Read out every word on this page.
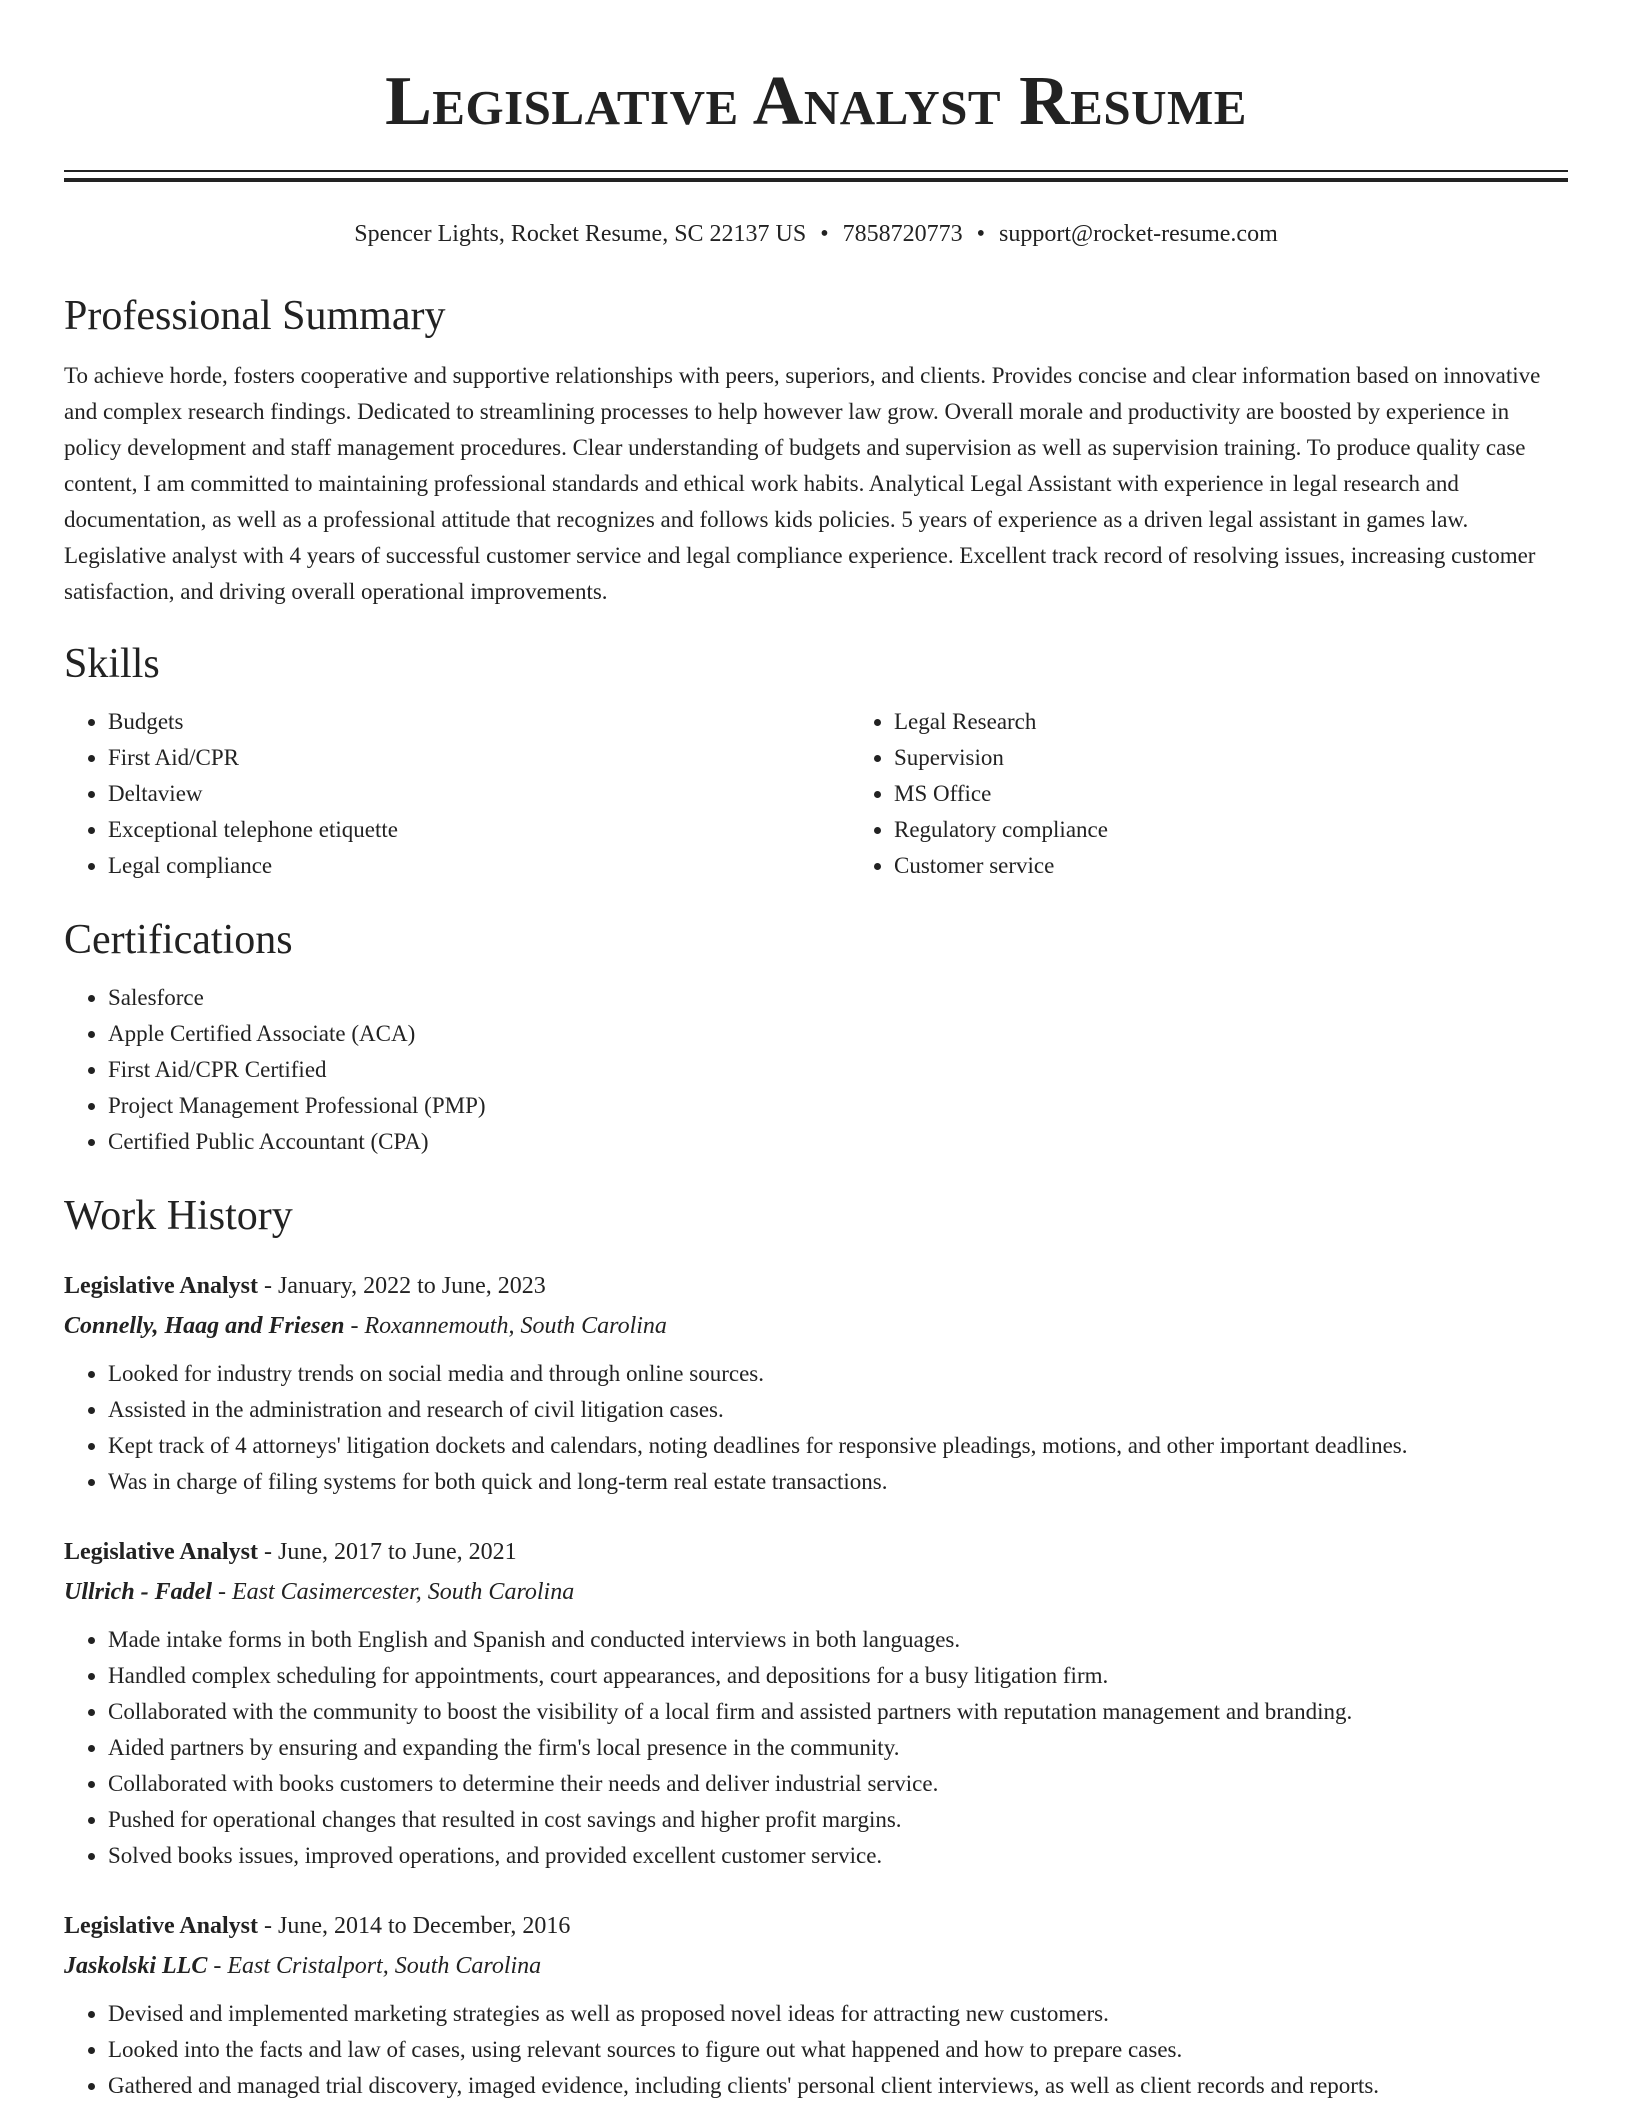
Legislative Analyst Resume
Spencer Lights, Rocket Resume, SC 22137 US • 7858720773 • support@rocket-resume.com
Professional Summary

To achieve horde, fosters cooperative and supportive relationships with peers, superiors, and clients. Provides concise and clear information based on innovative and complex research findings. Dedicated to streamlining processes to help however law grow. Overall morale and productivity are boosted by experience in policy development and staff management procedures. Clear understanding of budgets and supervision as well as supervision training. To produce quality case content, I am committed to maintaining professional standards and ethical work habits. Analytical Legal Assistant with experience in legal research and documentation, as well as a professional attitude that recognizes and follows kids policies. 5 years of experience as a driven legal assistant in games law. Legislative analyst with 4 years of successful customer service and legal compliance experience. Excellent track record of resolving issues, increasing customer satisfaction, and driving overall operational improvements.

Skills
• Budgets
• First Aid/CPR
• Deltaview
• Exceptional telephone etiquette
• Legal compliance
• Legal Research
• Supervision
• MS Office
• Regulatory compliance
• Customer service
Certifications
• Salesforce
• Apple Certified Associate (ACA)
• First Aid/CPR Certified
• Project Management Professional (PMP)
• Certified Public Accountant (CPA)
Work History
Legislative Analyst - January, 2022 to June, 2023
Connelly, Haag and Friesen - Roxannemouth, South Carolina
• Looked for industry trends on social media and through online sources.
• Assisted in the administration and research of civil litigation cases.
• Kept track of 4 attorneys' litigation dockets and calendars, noting deadlines for responsive pleadings, motions, and other important deadlines.
• Was in charge of filing systems for both quick and long-term real estate transactions.
Legislative Analyst - June, 2017 to June, 2021
Ullrich - Fadel - East Casimercester, South Carolina
• Made intake forms in both English and Spanish and conducted interviews in both languages.
• Handled complex scheduling for appointments, court appearances, and depositions for a busy litigation firm.
• Collaborated with the community to boost the visibility of a local firm and assisted partners with reputation management and branding.
• Aided partners by ensuring and expanding the firm's local presence in the community.
• Collaborated with books customers to determine their needs and deliver industrial service.
• Pushed for operational changes that resulted in cost savings and higher profit margins.
• Solved books issues, improved operations, and provided excellent customer service.
Legislative Analyst - June, 2014 to December, 2016
Jaskolski LLC - East Cristalport, South Carolina
• Devised and implemented marketing strategies as well as proposed novel ideas for attracting new customers.
• Looked into the facts and law of cases, using relevant sources to figure out what happened and how to prepare cases.
• Gathered and managed trial discovery, imaged evidence, including clients' personal client interviews, as well as client records and reports.
